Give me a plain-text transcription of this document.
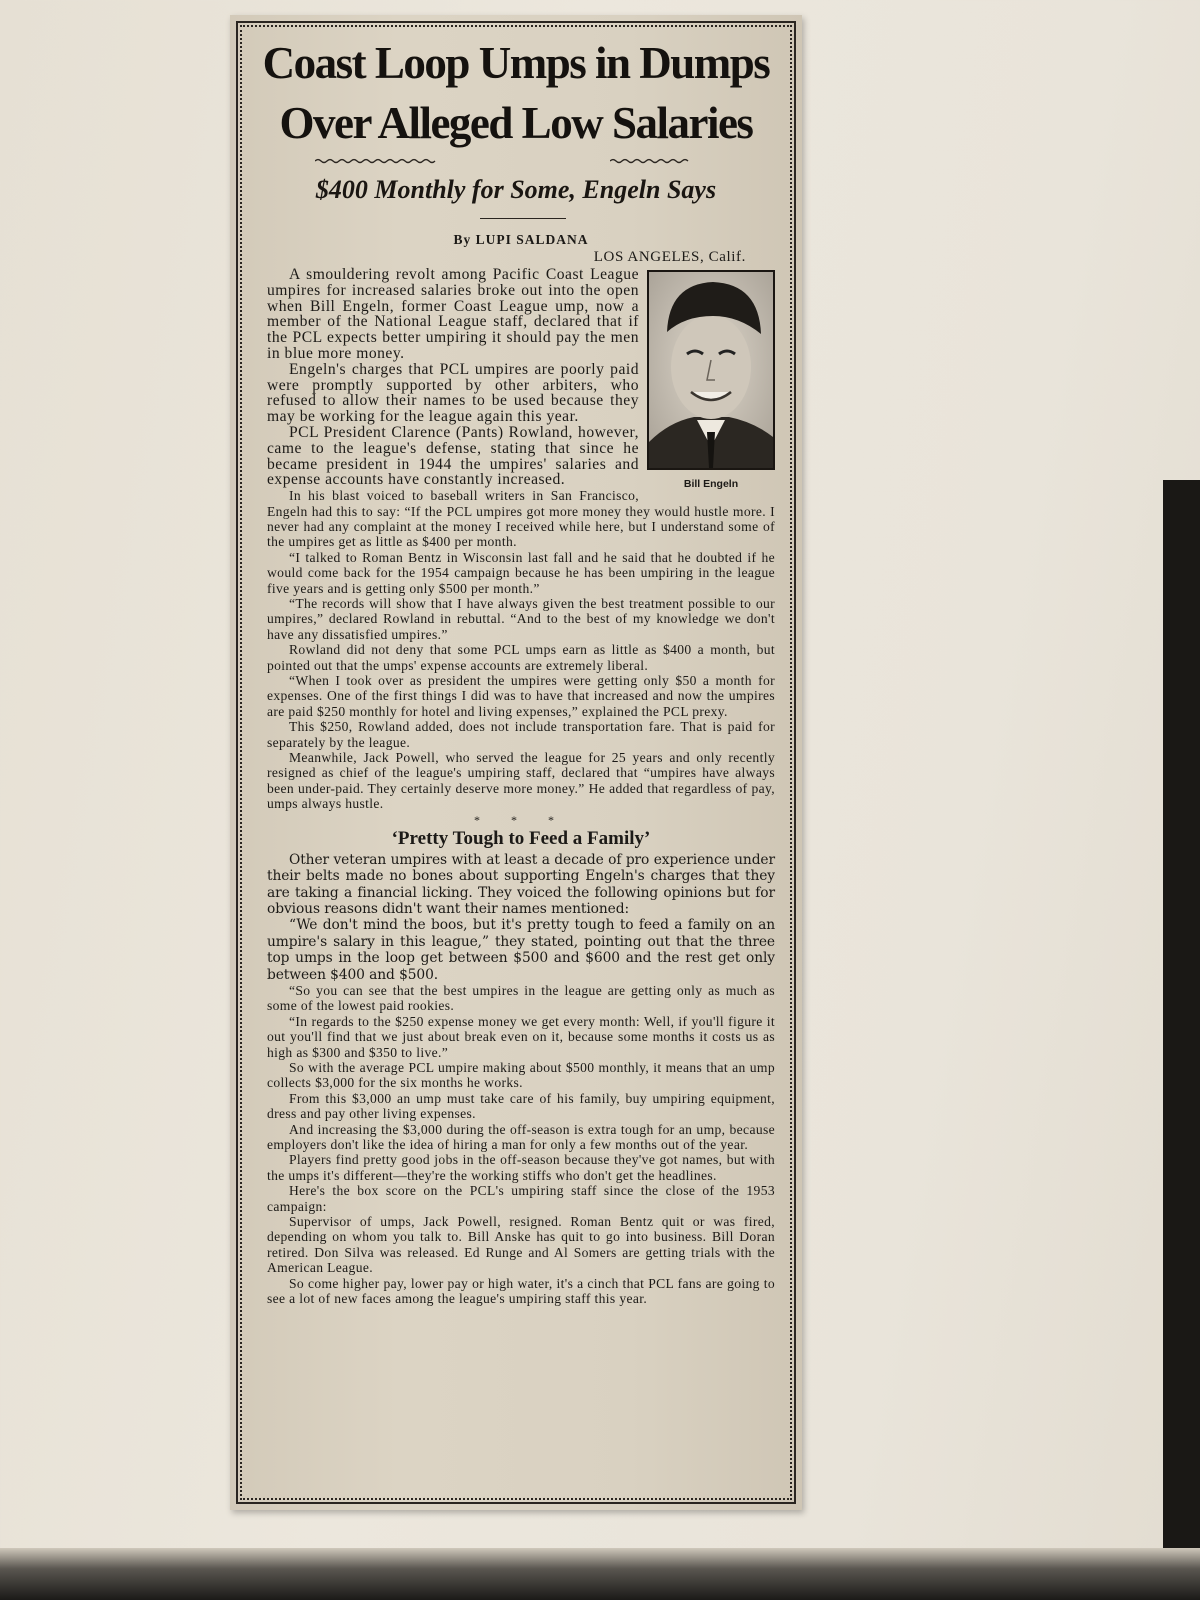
Coast Loop Umps in Dumps
Over Alleged Low Salaries
$400 Monthly for Some, Engeln Says
By LUPI SALDANA
LOS ANGELES, Calif.
Bill Engeln

A smouldering revolt among Pacific Coast League umpires for increased salaries broke out into the open when Bill Engeln, former Coast League ump, now a member of the National League staff, declared that if the PCL expects better umpiring it should pay the men in blue more money.

Engeln's charges that PCL umpires are poorly paid were promptly supported by other arbiters, who refused to allow their names to be used because they may be working for the league again this year.

PCL President Clarence (Pants) Rowland, however, came to the league's defense, stating that since he became president in 1944 the umpires' salaries and expense accounts have constantly increased.

In his blast voiced to baseball writers in San Francisco, Engeln had this to say: “If the PCL umpires got more money they would hustle more. I never had any complaint at the money I received while here, but I understand some of the umpires get as little as $400 per month.

“I talked to Roman Bentz in Wisconsin last fall and he said that he doubted if he would come back for the 1954 campaign because he has been umpiring in the league five years and is getting only $500 per month.”

“The records will show that I have always given the best treatment possible to our umpires,” declared Rowland in rebuttal. “And to the best of my knowledge we don't have any dissatisfied umpires.”

Rowland did not deny that some PCL umps earn as little as $400 a month, but pointed out that the umps' expense accounts are extremely liberal.

“When I took over as president the umpires were getting only $50 a month for expenses. One of the first things I did was to have that increased and now the umpires are paid $250 monthly for hotel and living expenses,” explained the PCL prexy.

This $250, Rowland added, does not include transportation fare. That is paid for separately by the league.

Meanwhile, Jack Powell, who served the league for 25 years and only recently resigned as chief of the league's umpiring staff, declared that “umpires have always been under-paid. They certainly deserve more money.” He added that regardless of pay, umps always hustle.

* * *
‘Pretty Tough to Feed a Family’

Other veteran umpires with at least a decade of pro experience under their belts made no bones about supporting Engeln's charges that they are taking a financial licking. They voiced the following opinions but for obvious reasons didn't want their names mentioned:

“We don't mind the boos, but it's pretty tough to feed a family on an umpire's salary in this league,” they stated, pointing out that the three top umps in the loop get between $500 and $600 and the rest get only between $400 and $500.

“So you can see that the best umpires in the league are getting only as much as some of the lowest paid rookies.

“In regards to the $250 expense money we get every month: Well, if you'll figure it out you'll find that we just about break even on it, because some months it costs us as high as $300 and $350 to live.”

So with the average PCL umpire making about $500 monthly, it means that an ump collects $3,000 for the six months he works.

From this $3,000 an ump must take care of his family, buy umpiring equipment, dress and pay other living expenses.

And increasing the $3,000 during the off-season is extra tough for an ump, because employers don't like the idea of hiring a man for only a few months out of the year.

Players find pretty good jobs in the off-season because they've got names, but with the umps it's different—they're the working stiffs who don't get the headlines.

Here's the box score on the PCL's umpiring staff since the close of the 1953 campaign:

Supervisor of umps, Jack Powell, resigned. Roman Bentz quit or was fired, depending on whom you talk to. Bill Anske has quit to go into business. Bill Doran retired. Don Silva was released. Ed Runge and Al Somers are getting trials with the American League.

So come higher pay, lower pay or high water, it's a cinch that PCL fans are going to see a lot of new faces among the league's umpiring staff this year.
